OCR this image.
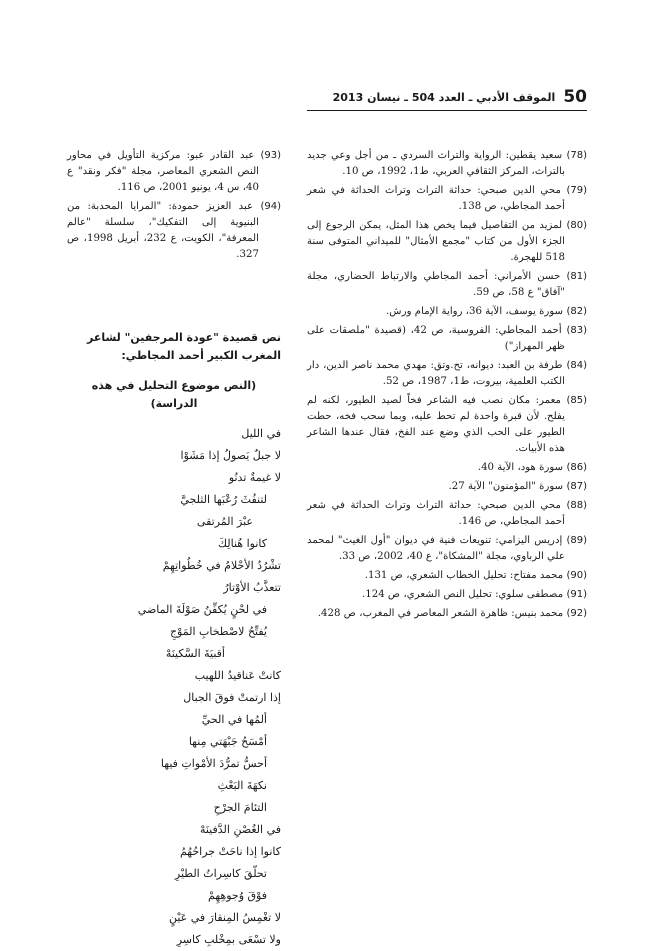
50
الموقف الأدبي ـ العدد 504 ـ نيسان 2013

(78) سعيد يقطين: الرواية والتراث السردي ـ من أجل وعي جديد بالتراث، المركز الثقافي العربي، ط1، 1992، ص 10.

(79) محي الدين صبحي: حداثة التراث وتراث الحداثة في شعر أحمد المجاطي، ص 138.

(80) لمزيد من التفاصيل فيما يخص هذا المثل، يمكن الرجوع إلى الجزء الأول من كتاب "مجمع الأمثال" للميداني المتوفى سنة 518 للهجرة.

(81) حسن الأمراني: أحمد المجاطي والارتباط الحضاري، مجلة "آفاق" ع 58، ص 59.

(82) سورة يوسف، الآية 36، رواية الإمام ورش.

(83) أحمد المجاطي: الفروسية، ص 42، (قصيدة "ملصقات على ظهر المهراز")

(84) طرفة بن العبد: ديوانه، تح.وتق: مهدي محمد ناصر الدين، دار الكتب العلمية، بيروت، ط1، 1987، ص 52.

(85) معمر: مكان نصب فيه الشاعر فخاً لصيد الطيور، لكنه لم يفلح. لأن قبرة واحدة لم تحط عليه، وبما سحب فخه، حطت الطيور على الحب الذي وضع عند الفخ، فقال عندها الشاعر هذه الأبيات.

(86) سورة هود، الآية 40.

(87) سورة "المؤمنون" الآية 27.

(88) محي الدين صبحي: حداثة التراث وتراث الحداثة في شعر أحمد المجاطي، ص 146.

(89) إدريس اليزامي: تنويعات فنية في ديوان "أول الغيث" لمحمد علي الرباوي، مجلة "المشكاة"، ع 40، 2002، ص 33.

(90) محمد مفتاح: تحليل الخطاب الشعري، ص 131.

(91) مصطفى سلوي: تحليل النص الشعري، ص 124.

(92) محمد بنيس: ظاهرة الشعر المعاصر في المغرب، ص 428.

(93) عبد القادر عبو: مركزية التأويل في محاور النص الشعري المعاصر، مجلة "فكر ونقد" ع 40، س 4، يونيو 2001، ص 116.

(94) عبد العزيز حمودة: "المرايا المحدبة: من البنيوية إلى التفكيك"، سلسلة "عالم المعرفة"، الكويت، ع 232، أبريل 1998، ص 327.

نص قصيدة "عودة المرجفين" لشاعر المغرب الكبير أحمد المجاطي:
(النص موضوع التحليل في هذه الدراسة)
في الليل
لا جبلٌ يَصولُ إذا مَشَوْا
لا غيمةٌ تدنُو
لتنفُثَ رُعْبَها الثلجيَّ
عبْرَ المُرتقى
كانوا هُنالِكَ
تشْرُدُ الأحْلامُ في خُطُواتِهِمْ
تتعذَّبُ الأوْتارُ
في لحْنٍ يُكفِّنُ صَوْلَةَ الماضي
يُفتِّحُ لاصْطخابِ المَوْجِ
أقبيَةَ السَّكينَهْ
كانتْ عَناقيدُ اللهيب
إذا ارتمتْ فوقَ الجبال
ألمُها في الحيِّ
أمْسَحُ جَبْهَتي مِنها
أحسُّ تمرُّدَ الأمْواتِ فيها
نكهَةَ البَعْثِ
التئامَ الجرْحِ
في الغُصْنِ الدَّفينَهْ
كانوا إذا ناحَتْ جراحُهُمُ
تحلّقَ كاسِراتُ الطيْرِ
فوْقَ وُجوهِهِمْ
لا تغْمِسُ المِنقارَ في عَيْنٍ
ولا تسْعَى بمِخْلبِ كاسِرِ
